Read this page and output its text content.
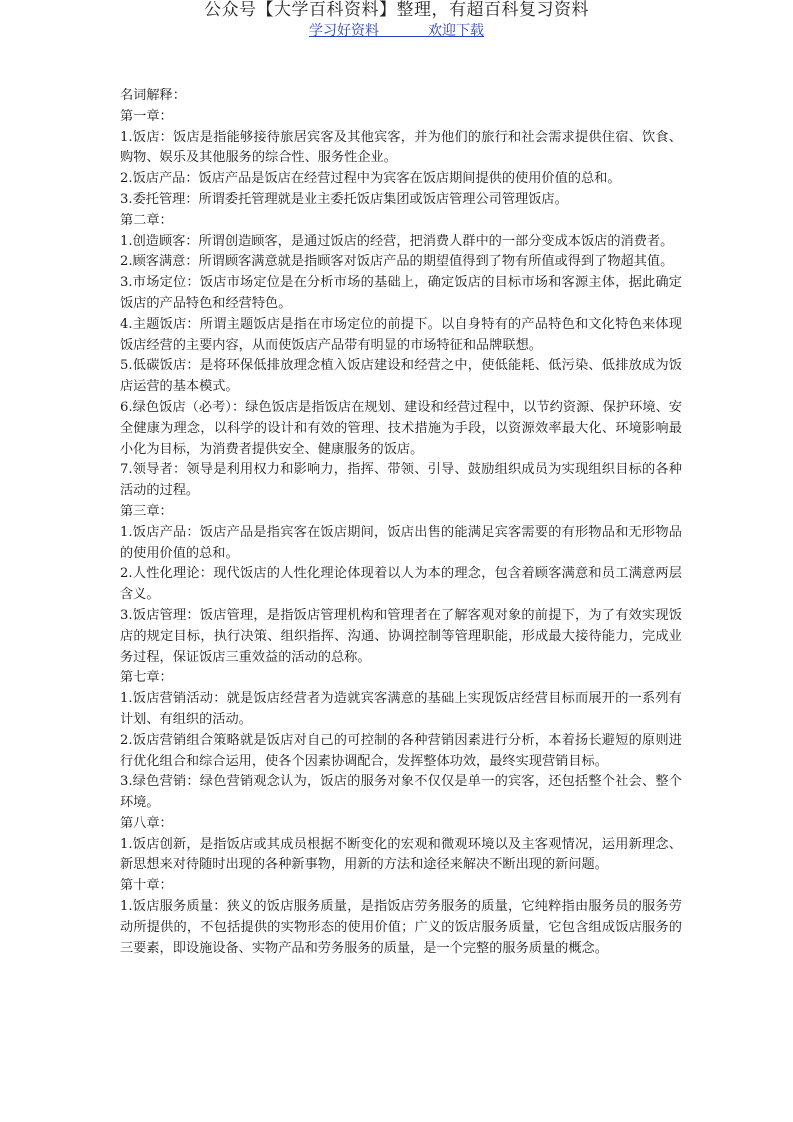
公众号【大学百科资料】整理，有超百科复习资料
学习好资料	欢迎下载

名词解释：

第一章：

1.饭店：饭店是指能够接待旅居宾客及其他宾客，并为他们的旅行和社会需求提供住宿、饮食、购物、娱乐及其他服务的综合性、服务性企业。

2.饭店产品：饭店产品是饭店在经营过程中为宾客在饭店期间提供的使用价值的总和。

3.委托管理：所谓委托管理就是业主委托饭店集团或饭店管理公司管理饭店。

第二章：

1.创造顾客：所谓创造顾客，是通过饭店的经营，把消费人群中的一部分变成本饭店的消费者。

2.顾客满意：所谓顾客满意就是指顾客对饭店产品的期望值得到了物有所值或得到了物超其值。

3.市场定位：饭店市场定位是在分析市场的基础上，确定饭店的目标市场和客源主体，据此确定饭店的产品特色和经营特色。

4.主题饭店：所谓主题饭店是指在市场定位的前提下。以自身特有的产品特色和文化特色来体现饭店经营的主要内容，从而使饭店产品带有明显的市场特征和品牌联想。

5.低碳饭店：是将环保低排放理念植入饭店建设和经营之中，使低能耗、低污染、低排放成为饭店运营的基本模式。

6.绿色饭店（必考）：绿色饭店是指饭店在规划、建设和经营过程中，以节约资源、保护环境、安全健康为理念，以科学的设计和有效的管理、技术措施为手段，以资源效率最大化、环境影响最小化为目标，为消费者提供安全、健康服务的饭店。

7.领导者：领导是利用权力和影响力，指挥、带领、引导、鼓励组织成员为实现组织目标的各种活动的过程。

第三章：

1.饭店产品：饭店产品是指宾客在饭店期间，饭店出售的能满足宾客需要的有形物品和无形物品的使用价值的总和。

2.人性化理论：现代饭店的人性化理论体现着以人为本的理念，包含着顾客满意和员工满意两层含义。

3.饭店管理：饭店管理，是指饭店管理机构和管理者在了解客观对象的前提下，为了有效实现饭店的规定目标，执行决策、组织指挥、沟通、协调控制等管理职能，形成最大接待能力，完成业务过程，保证饭店三重效益的活动的总称。

第七章：

1.饭店营销活动：就是饭店经营者为造就宾客满意的基础上实现饭店经营目标而展开的一系列有计划、有组织的活动。

2.饭店营销组合策略就是饭店对自己的可控制的各种营销因素进行分析，本着扬长避短的原则进行优化组合和综合运用，使各个因素协调配合，发挥整体功效，最终实现营销目标。

3.绿色营销：绿色营销观念认为，饭店的服务对象不仅仅是单一的宾客，还包括整个社会、整个环境。

第八章：

1.饭店创新，是指饭店或其成员根据不断变化的宏观和微观环境以及主客观情况，运用新理念、新思想来对待随时出现的各种新事物，用新的方法和途径来解决不断出现的新问题。

第十章：

1.饭店服务质量：狭义的饭店服务质量，是指饭店劳务服务的质量，它纯粹指由服务员的服务劳动所提供的，不包括提供的实物形态的使用价值；广义的饭店服务质量，它包含组成饭店服务的三要素，即设施设备、实物产品和劳务服务的质量，是一个完整的服务质量的概念。
